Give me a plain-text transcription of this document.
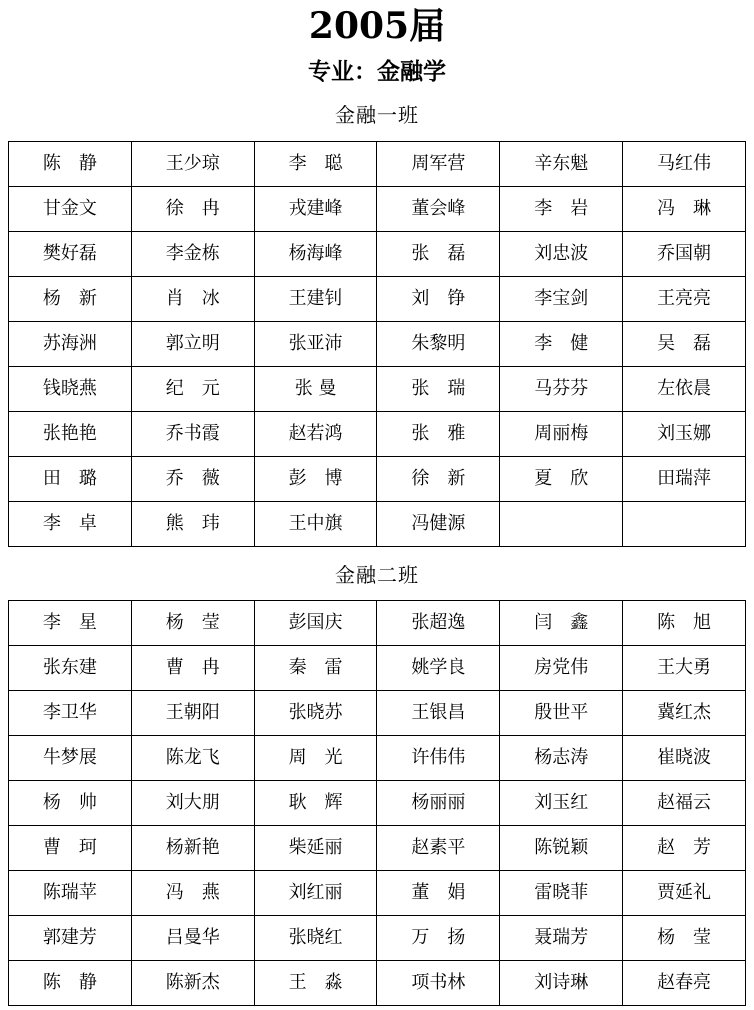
2005届
专业：金融学
金融一班
陈　静	王少琼	李　聪	周军营	辛东魁	马红伟
甘金文	徐　冉	戎建峰	董会峰	李　岩	冯　琳
樊好磊	李金栋	杨海峰	张　磊	刘忠波	乔国朝
杨　新	肖　冰	王建钊	刘　铮	李宝剑	王亮亮
苏海洲	郭立明	张亚沛	朱黎明	李　健	吴　磊
钱晓燕	纪　元	张 曼	张　瑞	马芬芬	左依晨
张艳艳	乔书霞	赵若鸿	张　雅	周丽梅	刘玉娜
田　璐	乔　薇	彭　博	徐　新	夏　欣	田瑞萍
李　卓	熊　玮	王中旗	冯健源		
金融二班
李　星	杨　莹	彭国庆	张超逸	闫　鑫	陈　旭
张东建	曹　冉	秦　雷	姚学良	房党伟	王大勇
李卫华	王朝阳	张晓苏	王银昌	殷世平	冀红杰
牛梦展	陈龙飞	周　光	许伟伟	杨志涛	崔晓波
杨　帅	刘大朋	耿　辉	杨丽丽	刘玉红	赵福云
曹　珂	杨新艳	柴延丽	赵素平	陈锐颖	赵　芳
陈瑞苹	冯　燕	刘红丽	董　娟	雷晓菲	贾延礼
郭建芳	吕曼华	张晓红	万　扬	聂瑞芳	杨　莹
陈　静	陈新杰	王　淼	项书林	刘诗琳	赵春亮
